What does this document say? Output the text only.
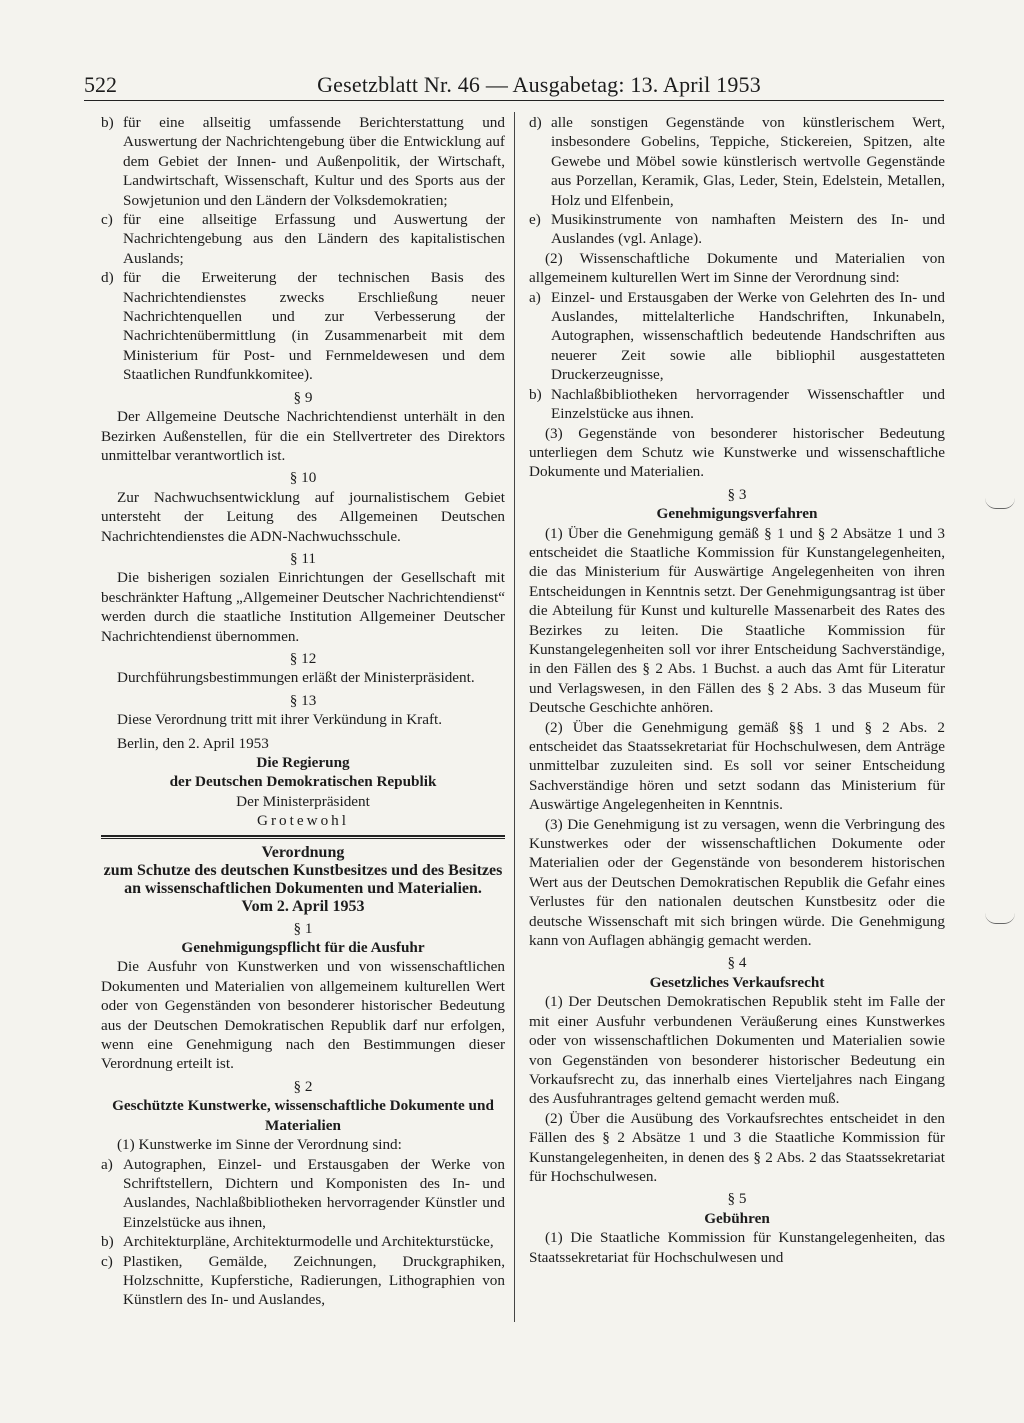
522	Gesetzblatt Nr. 46 — Ausgabetag: 13. April 1953
b) für eine allseitig umfassende Berichterstattung und Auswertung der Nachrichtengebung über die Entwicklung auf dem Gebiet der Innen- und Außenpolitik, der Wirtschaft, Landwirtschaft, Wissenschaft, Kultur und des Sports aus der Sowjetunion und den Ländern der Volksdemokratien;
c) für eine allseitige Erfassung und Auswertung der Nachrichtengebung aus den Ländern des kapitalistischen Auslands;
d) für die Erweiterung der technischen Basis des Nachrichtendienstes zwecks Erschließung neuer Nachrichtenquellen und zur Verbesserung der Nachrichtenübermittlung (in Zusammenarbeit mit dem Ministerium für Post- und Fernmeldewesen und dem Staatlichen Rundfunkkomitee).
§ 9

Der Allgemeine Deutsche Nachrichtendienst unterhält in den Bezirken Außenstellen, für die ein Stellvertreter des Direktors unmittelbar verantwortlich ist.

§ 10

Zur Nachwuchsentwicklung auf journalistischem Gebiet untersteht der Leitung des Allgemeinen Deutschen Nachrichtendienstes die ADN-Nachwuchsschule.

§ 11

Die bisherigen sozialen Einrichtungen der Gesellschaft mit beschränkter Haftung „Allgemeiner Deutscher Nachrichtendienst“ werden durch die staatliche Institution Allgemeiner Deutscher Nachrichtendienst übernommen.

§ 12

Durchführungsbestimmungen erläßt der Ministerpräsident.

§ 13

Diese Verordnung tritt mit ihrer Verkündung in Kraft.

Berlin, den 2. April 1953

Die Regierung
der Deutschen Demokratischen Republik
Der Ministerpräsident
Grotewohl
Verordnung
zum Schutze des deutschen Kunstbesitzes und des Besitzes an wissenschaftlichen Dokumenten und Materialien.
Vom 2. April 1953
§ 1
Genehmigungspflicht für die Ausfuhr

Die Ausfuhr von Kunstwerken und von wissenschaftlichen Dokumenten und Materialien von allgemeinem kulturellen Wert oder von Gegenständen von besonderer historischer Bedeutung aus der Deutschen Demokratischen Republik darf nur erfolgen, wenn eine Genehmigung nach den Bestimmungen dieser Verordnung erteilt ist.

§ 2
Geschützte Kunstwerke, wissenschaftliche Dokumente und Materialien

(1) Kunstwerke im Sinne der Verordnung sind:

a) Autographen, Einzel- und Erstausgaben der Werke von Schriftstellern, Dichtern und Komponisten des In- und Auslandes, Nachlaßbibliotheken hervorragender Künstler und Einzelstücke aus ihnen,
b) Architekturpläne, Architekturmodelle und Architekturstücke,
c) Plastiken, Gemälde, Zeichnungen, Druckgraphiken, Holzschnitte, Kupferstiche, Radierungen, Lithographien von Künstlern des In- und Auslandes,
d) alle sonstigen Gegenstände von künstlerischem Wert, insbesondere Gobelins, Teppiche, Stickereien, Spitzen, alte Gewebe und Möbel sowie künstlerisch wertvolle Gegenstände aus Porzellan, Keramik, Glas, Leder, Stein, Edelstein, Metallen, Holz und Elfenbein,
e) Musikinstrumente von namhaften Meistern des In- und Auslandes (vgl. Anlage).

(2) Wissenschaftliche Dokumente und Materialien von allgemeinem kulturellen Wert im Sinne der Verordnung sind:

a) Einzel- und Erstausgaben der Werke von Gelehrten des In- und Auslandes, mittelalterliche Handschriften, Inkunabeln, Autographen, wissenschaftlich bedeutende Handschriften aus neuerer Zeit sowie alle bibliophil ausgestatteten Druckerzeugnisse,
b) Nachlaßbibliotheken hervorragender Wissenschaftler und Einzelstücke aus ihnen.

(3) Gegenstände von besonderer historischer Bedeutung unterliegen dem Schutz wie Kunstwerke und wissenschaftliche Dokumente und Materialien.

§ 3
Genehmigungsverfahren

(1) Über die Genehmigung gemäß § 1 und § 2 Absätze 1 und 3 entscheidet die Staatliche Kommission für Kunstangelegenheiten, die das Ministerium für Auswärtige Angelegenheiten von ihren Entscheidungen in Kenntnis setzt. Der Genehmigungsantrag ist über die Abteilung für Kunst und kulturelle Massenarbeit des Rates des Bezirkes zu leiten. Die Staatliche Kommission für Kunstangelegenheiten soll vor ihrer Entscheidung Sachverständige, in den Fällen des § 2 Abs. 1 Buchst. a auch das Amt für Literatur und Verlagswesen, in den Fällen des § 2 Abs. 3 das Museum für Deutsche Geschichte anhören.

(2) Über die Genehmigung gemäß §§ 1 und § 2 Abs. 2 entscheidet das Staatssekretariat für Hochschulwesen, dem Anträge unmittelbar zuzuleiten sind. Es soll vor seiner Entscheidung Sachverständige hören und setzt sodann das Ministerium für Auswärtige Angelegenheiten in Kenntnis.

(3) Die Genehmigung ist zu versagen, wenn die Verbringung des Kunstwerkes oder der wissenschaftlichen Dokumente oder Materialien oder der Gegenstände von besonderem historischen Wert aus der Deutschen Demokratischen Republik die Gefahr eines Verlustes für den nationalen deutschen Kunstbesitz oder die deutsche Wissenschaft mit sich bringen würde. Die Genehmigung kann von Auflagen abhängig gemacht werden.

§ 4
Gesetzliches Verkaufsrecht

(1) Der Deutschen Demokratischen Republik steht im Falle der mit einer Ausfuhr verbundenen Veräußerung eines Kunstwerkes oder von wissenschaftlichen Dokumenten und Materialien sowie von Gegenständen von besonderer historischer Bedeutung ein Vorkaufsrecht zu, das innerhalb eines Vierteljahres nach Eingang des Ausfuhrantrages geltend gemacht werden muß.

(2) Über die Ausübung des Vorkaufsrechtes entscheidet in den Fällen des § 2 Absätze 1 und 3 die Staatliche Kommission für Kunstangelegenheiten, in denen des § 2 Abs. 2 das Staatssekretariat für Hochschulwesen.

§ 5
Gebühren

(1) Die Staatliche Kommission für Kunstangelegenheiten, das Staatssekretariat für Hochschulwesen und
